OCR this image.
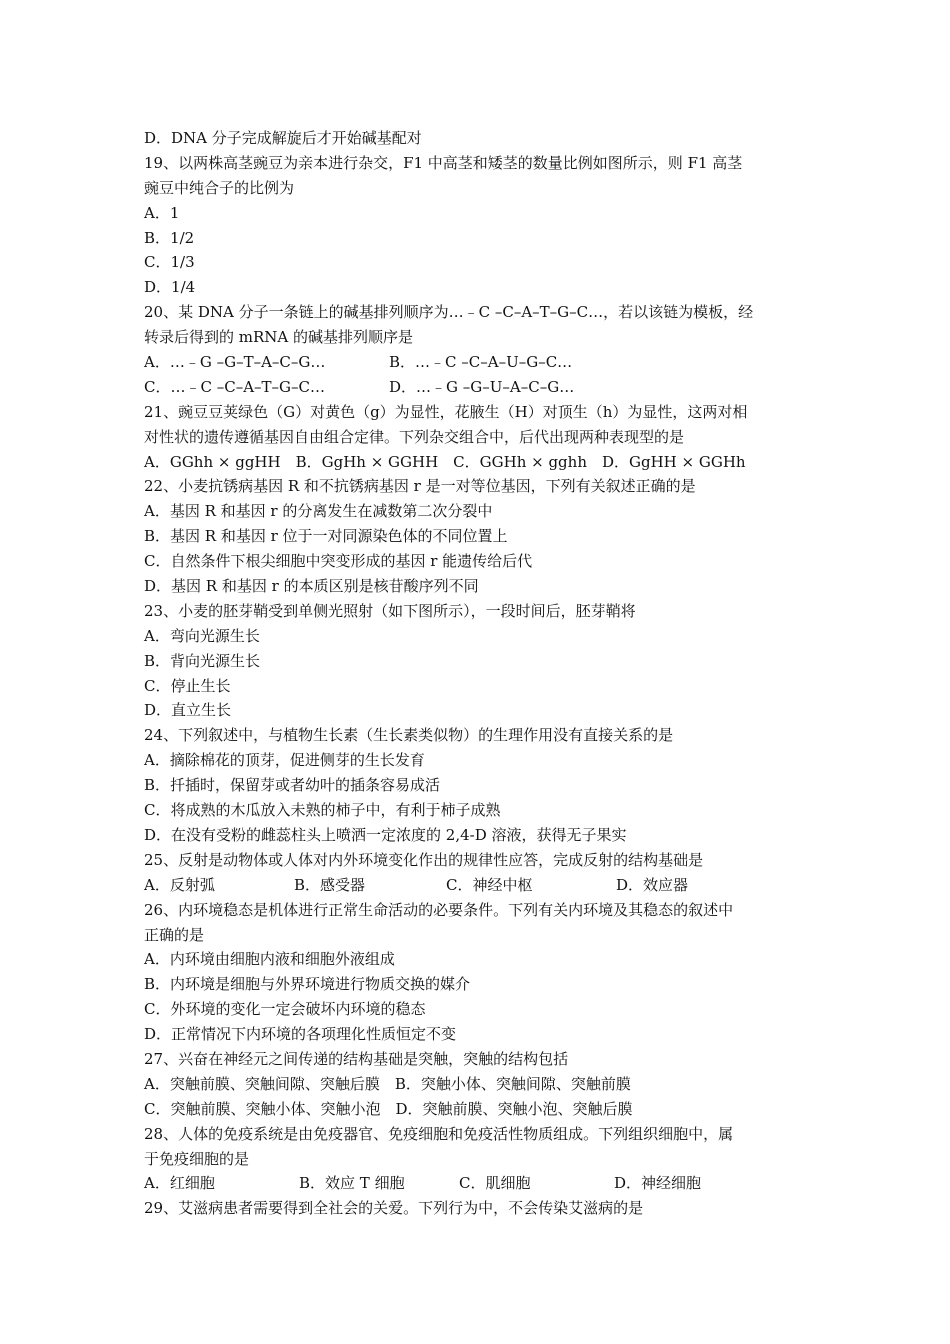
D．DNA 分子完成解旋后才开始碱基配对
19、以两株高茎豌豆为亲本进行杂交，F1 中高茎和矮茎的数量比例如图所示，则 F1 高茎
豌豆中纯合子的比例为
A．1
B．1/2
C．1/3
D．1/4
20、某 DNA 分子一条链上的碱基排列顺序为…﹣C –C–A–T–G–C…，若以该链为模板，经
转录后得到的 mRNA 的碱基排列顺序是
A．…﹣G –G–T–A–C–G…	B．…﹣C –C–A–U–G–C…
C．…﹣C –C–A–T–G–C…	D．…﹣G –G–U–A–C–G…
21、豌豆豆荚绿色（G）对黄色（g）为显性，花腋生（H）对顶生（h）为显性，这两对相
对性状的遗传遵循基因自由组合定律。下列杂交组合中，后代出现两种表现型的是
A．GGhh × ggHH　B．GgHh × GGHH　C．GGHh × gghh　D．GgHH × GGHh
22、小麦抗锈病基因 R 和不抗锈病基因 r 是一对等位基因，下列有关叙述正确的是
A．基因 R 和基因 r 的分离发生在减数第二次分裂中
B．基因 R 和基因 r 位于一对同源染色体的不同位置上
C．自然条件下根尖细胞中突变形成的基因 r 能遗传给后代
D．基因 R 和基因 r 的本质区别是核苷酸序列不同
23、小麦的胚芽鞘受到单侧光照射（如下图所示），一段时间后，胚芽鞘将
A．弯向光源生长
B．背向光源生长
C．停止生长
D．直立生长
24、下列叙述中，与植物生长素（生长素类似物）的生理作用没有直接关系的是
A．摘除棉花的顶芽，促进侧芽的生长发育
B．扦插时，保留芽或者幼叶的插条容易成活
C．将成熟的木瓜放入未熟的柿子中，有利于柿子成熟
D．在没有受粉的雌蕊柱头上喷洒一定浓度的 2,4-D 溶液，获得无子果实
25、反射是动物体或人体对内外环境变化作出的规律性应答，完成反射的结构基础是
A．反射弧	B．感受器	C．神经中枢	D．效应器
26、内环境稳态是机体进行正常生命活动的必要条件。下列有关内环境及其稳态的叙述中
正确的是
A．内环境由细胞内液和细胞外液组成
B．内环境是细胞与外界环境进行物质交换的媒介
C．外环境的变化一定会破坏内环境的稳态
D．正常情况下内环境的各项理化性质恒定不变
27、兴奋在神经元之间传递的结构基础是突触，突触的结构包括
A．突触前膜、突触间隙、突触后膜　B．突触小体、突触间隙、突触前膜
C．突触前膜、突触小体、突触小泡　D．突触前膜、突触小泡、突触后膜
28、人体的免疫系统是由免疫器官、免疫细胞和免疫活性物质组成。下列组织细胞中，属
于免疫细胞的是
A．红细胞	B．效应 T 细胞	C．肌细胞	D．神经细胞
29、艾滋病患者需要得到全社会的关爱。下列行为中，不会传染艾滋病的是
